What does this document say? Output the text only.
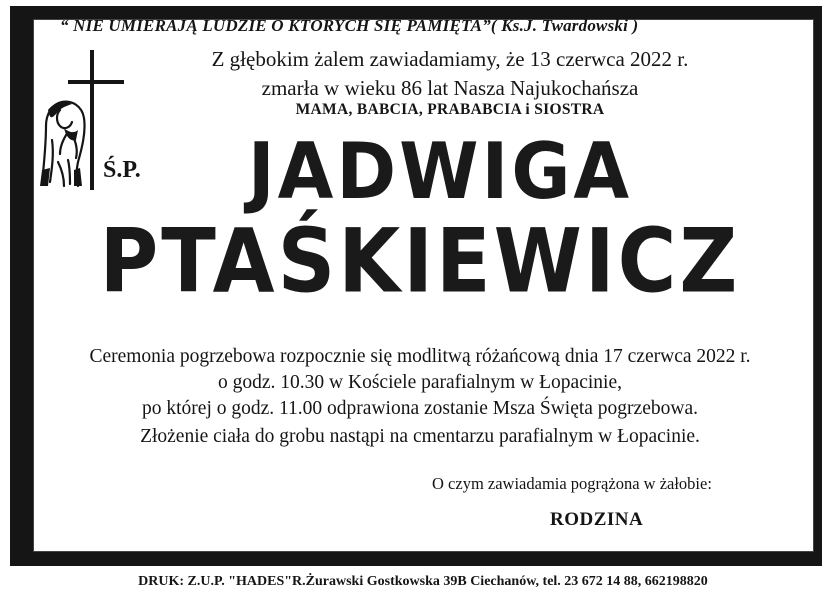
“ NIE UMIERAJĄ LUDZIE O KTÓRYCH SIĘ PAMIĘTA”( Ks.J. Twardowski )
Z głębokim żalem zawiadamiamy, że 13 czerwca 2022 r.
zmarła w wieku 86 lat Nasza Najukochańsza
MAMA, BABCIA, PRABABCIA i SIOSTRA
Ś.P.	JADWIGA
PTAŚKIEWICZ
Ceremonia pogrzebowa rozpocznie się modlitwą różańcową dnia 17 czerwca 2022 r.
o godz. 10.30 w Kościele parafialnym w Łopacinie,
po której o godz. 11.00 odprawiona zostanie Msza Święta pogrzebowa.
Złożenie ciała do grobu nastąpi na cmentarzu parafialnym w Łopacinie.
O czym zawiadamia pogrążona w żałobie:
RODZINA
DRUK: Z.U.P. "HADES"R.Żurawski Gostkowska 39B Ciechanów, tel. 23 672 14 88, 662198820
